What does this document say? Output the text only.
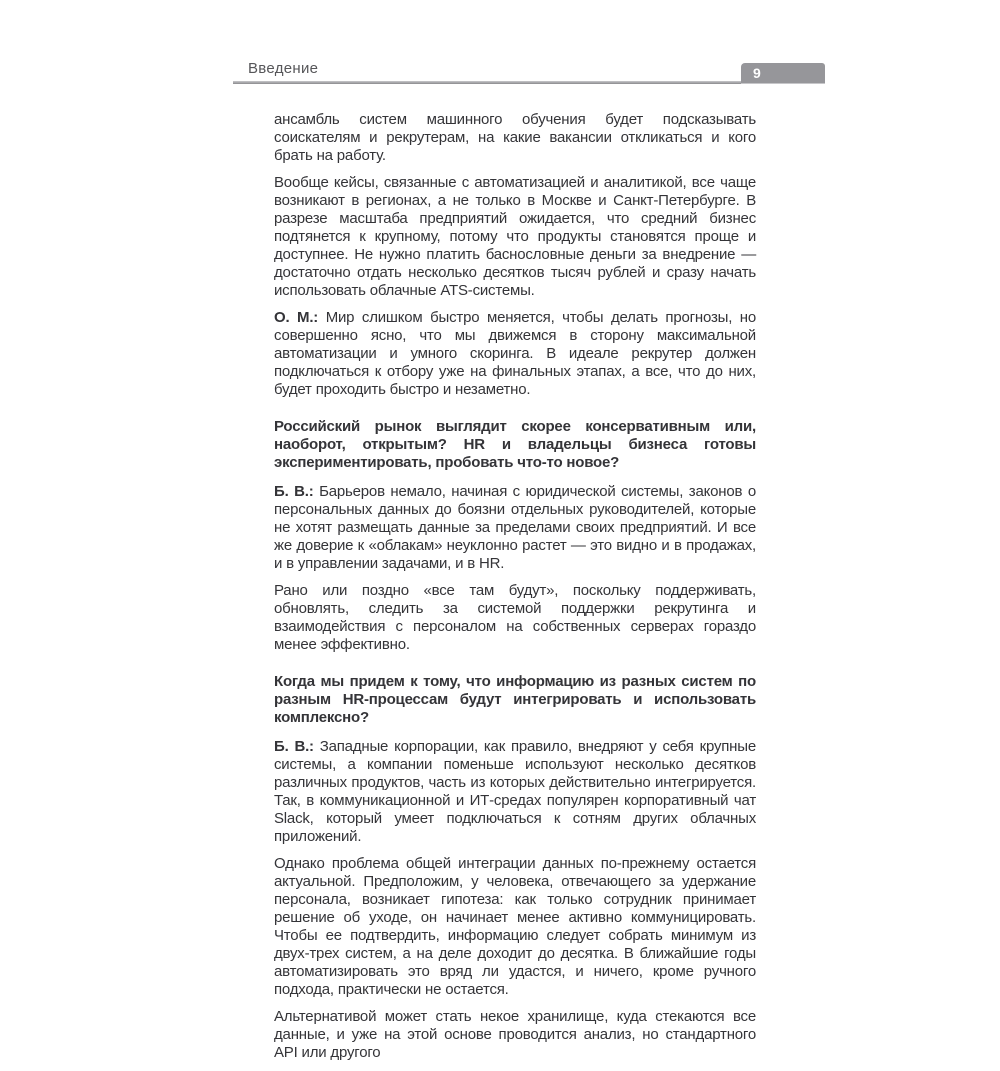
Введение	9

ансамбль систем машинного обучения будет подсказывать соискателям и рекрутерам, на какие вакансии откликаться и кого брать на работу.

Вообще кейсы, связанные с автоматизацией и аналитикой, все чаще возникают в регионах, а не только в Москве и Санкт-Петербурге. В разрезе масштаба предприятий ожидается, что средний бизнес подтянется к крупному, потому что продукты становятся проще и доступнее. Не нужно платить баснословные деньги за внедрение — достаточно отдать несколько десятков тысяч рублей и сразу начать использовать облачные ATS-системы.

О. М.: Мир слишком быстро меняется, чтобы делать прогнозы, но совершенно ясно, что мы движемся в сторону максимальной автоматизации и умного скоринга. В идеале рекрутер должен подключаться к отбору уже на финальных этапах, а все, что до них, будет проходить быстро и незаметно.

Российский рынок выглядит скорее консервативным или, наоборот, открытым? HR и владельцы бизнеса готовы экспериментировать, пробовать что-то новое?

Б. В.: Барьеров немало, начиная с юридической системы, законов о персональных данных до боязни отдельных руководителей, которые не хотят размещать данные за пределами своих предприятий. И все же доверие к «облакам» неуклонно растет — это видно и в продажах, и в управлении задачами, и в HR.

Рано или поздно «все там будут», поскольку поддерживать, обновлять, следить за системой поддержки рекрутинга и взаимодействия с персоналом на собственных серверах гораздо менее эффективно.

Когда мы придем к тому, что информацию из разных систем по разным HR-процессам будут интегрировать и использовать комплексно?

Б. В.: Западные корпорации, как правило, внедряют у себя крупные системы, а компании поменьше используют несколько десятков различных продуктов, часть из которых действительно интегрируется. Так, в коммуникационной и ИТ-средах популярен корпоративный чат Slack, который умеет подключаться к сотням других облачных приложений.

Однако проблема общей интеграции данных по-прежнему остается актуальной. Предположим, у человека, отвечающего за удержание персонала, возникает гипотеза: как только сотрудник принимает решение об уходе, он начинает менее активно коммуницировать. Чтобы ее подтвердить, информацию следует собрать минимум из двух-трех систем, а на деле доходит до десятка. В ближайшие годы автоматизировать это вряд ли удастся, и ничего, кроме ручного подхода, практически не остается.

Альтернативой может стать некое хранилище, куда стекаются все данные, и уже на этой основе проводится анализ, но стандартного API или другого
